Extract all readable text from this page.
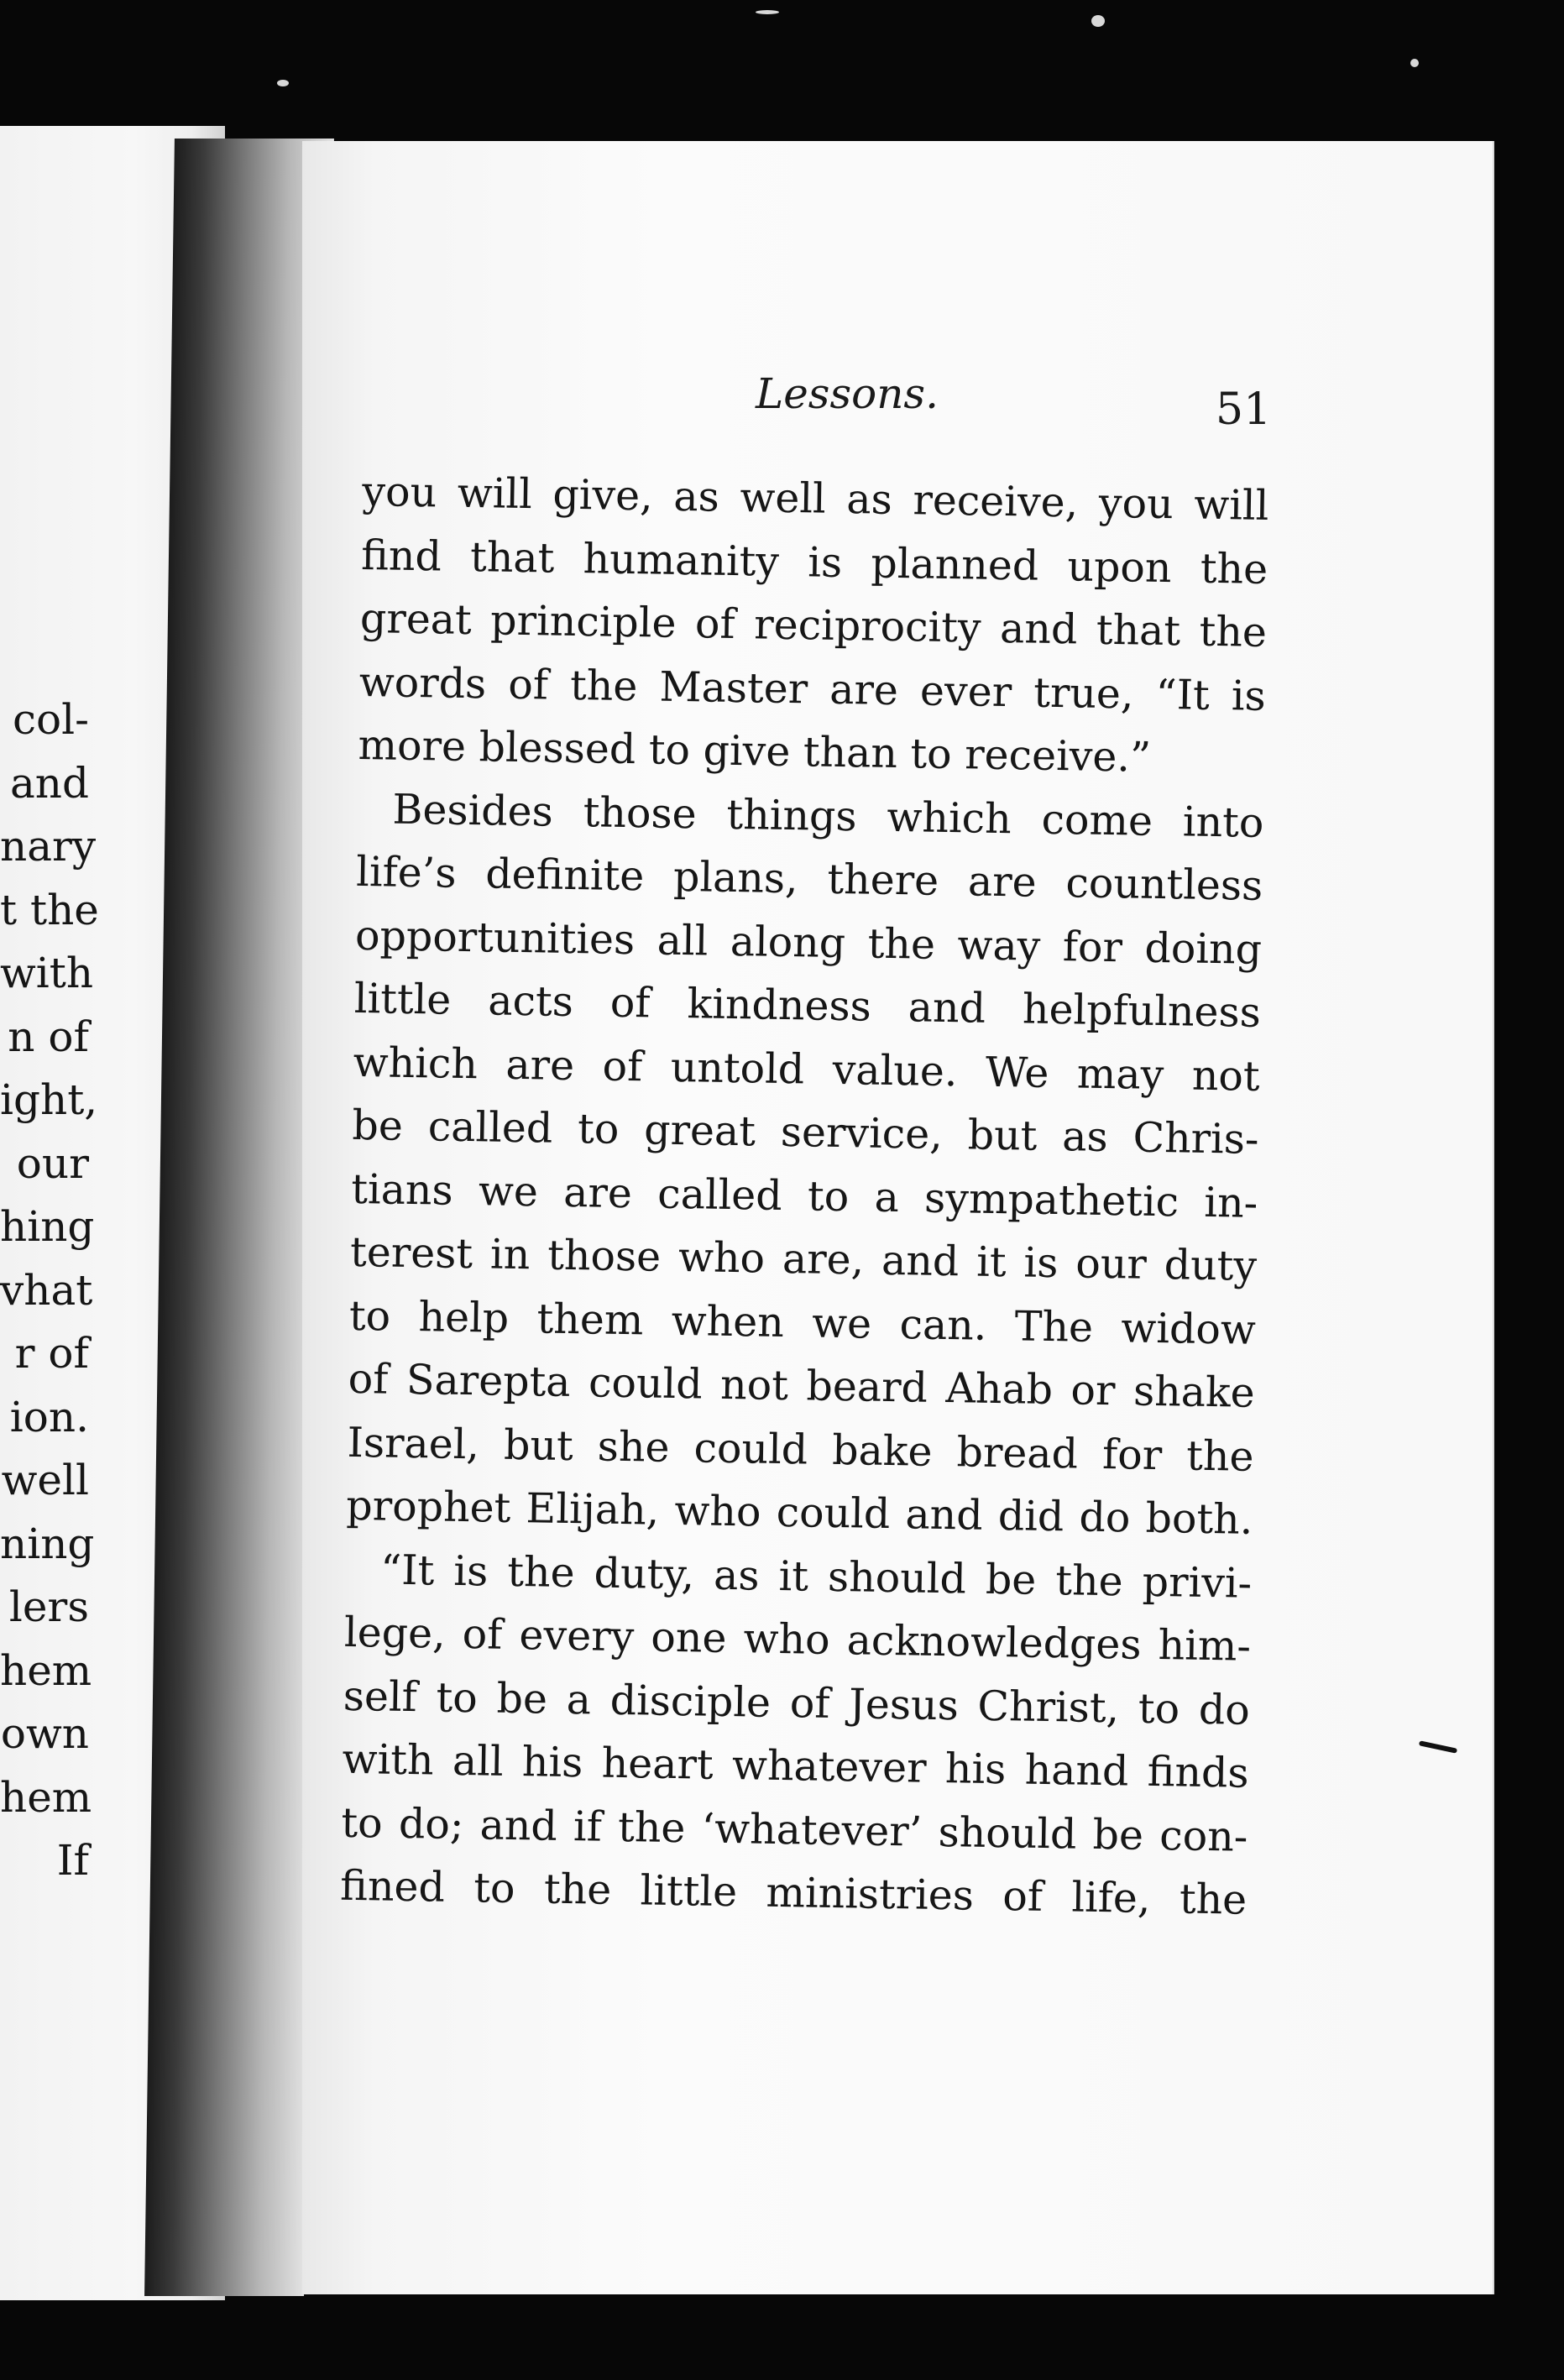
col-
and
nary
t the
with
n of
ight,
our
hing
vhat
r of
ion.
well
ning
lers
hem
own
hem
If
Lessons.	51
you will give, as well as receive, you will
find that humanity is planned upon the
great principle of reciprocity and that the
words of the Master are ever true, “It is
more blessed to give than to receive.”
Besides those things which come into
life’s definite plans, there are countless
opportunities all along the way for doing
little acts of kindness and helpfulness
which are of untold value. We may not
be called to great service, but as Chris-
tians we are called to a sympathetic in-
terest in those who are, and it is our duty
to help them when we can. The widow
of Sarepta could not beard Ahab or shake
Israel, but she could bake bread for the
prophet Elijah, who could and did do both.
“It is the duty, as it should be the privi-
lege, of every one who acknowledges him-
self to be a disciple of Jesus Christ, to do
with all his heart whatever his hand finds
to do; and if the ‘whatever’ should be con-
fined to the little ministries of life, the
